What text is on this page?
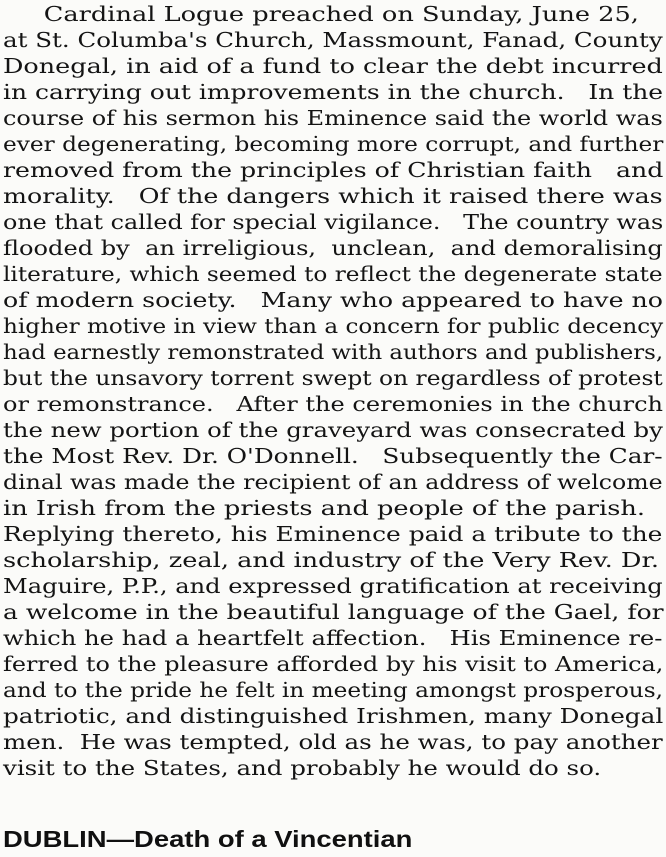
Cardinal Logue preached on Sunday, June 25,
at St. Columba's Church, Massmount, Fanad, County
Donegal, in aid of a fund to clear the debt incurred
in carrying out improvements in the church.   In the
course of his sermon his Eminence said the world was
ever degenerating, becoming more corrupt, and further
removed from the principles of Christian faith   and
morality.   Of the dangers which it raised there was
one that called for special vigilance.   The country was
flooded by  an irreligious,  unclean,  and demoralising
literature, which seemed to reflect the degenerate state
of modern society.   Many who appeared to have no
higher motive in view than a concern for public decency
had earnestly remonstrated with authors and publishers,
but the unsavory torrent swept on regardless of protest
or remonstrance.   After the ceremonies in the church
the new portion of the graveyard was consecrated by
the Most Rev. Dr. O'Donnell.   Subsequently the Car-
dinal was made the recipient of an address of welcome
in Irish from the priests and people of the parish.
Replying thereto, his Eminence paid a tribute to the
scholarship, zeal, and industry of the Very Rev. Dr.
Maguire, P.P., and expressed gratification at receiving
a welcome in the beautiful language of the Gael, for
which he had a heartfelt affection.   His Eminence re-
ferred to the pleasure afforded by his visit to America,
and to the pride he felt in meeting amongst prosperous,
patriotic, and distinguished Irishmen, many Donegal
men.  He was tempted, old as he was, to pay another
visit to the States, and probably he would do so.
DUBLIN—Death of a Vincentian
